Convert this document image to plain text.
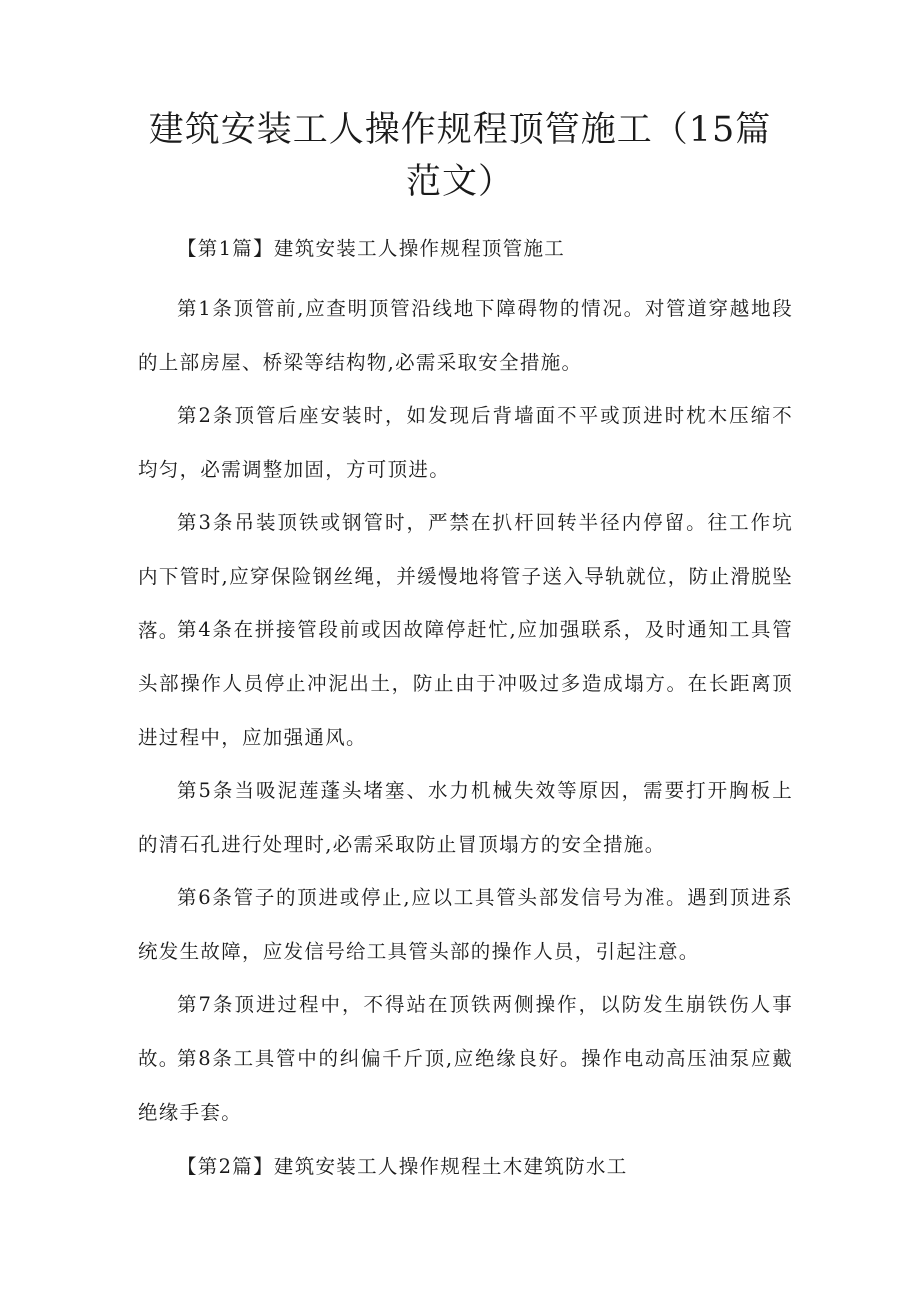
建筑安装工人操作规程顶管施工（15篇范文）

【第1篇】建筑安装工人操作规程顶管施工

第1条顶管前,应查明顶管沿线地下障碍物的情况。对管道穿越地段的上部房屋、桥梁等结构物,必需采取安全措施。

第2条顶管后座安装时，如发现后背墙面不平或顶进时枕木压缩不均匀，必需调整加固，方可顶进。

第3条吊装顶铁或钢管时，严禁在扒杆回转半径内停留。往工作坑内下管时,应穿保险钢丝绳，并缓慢地将管子送入导轨就位，防止滑脱坠落。

第4条在拼接管段前或因故障停赶忙,应加强联系，及时通知工具管头部操作人员停止冲泥出土，防止由于冲吸过多造成塌方。在长距离顶进过程中，应加强通风。

第5条当吸泥莲蓬头堵塞、水力机械失效等原因，需要打开胸板上的清石孔进行处理时,必需采取防止冒顶塌方的安全措施。

第6条管子的顶进或停止,应以工具管头部发信号为准。遇到顶进系统发生故障，应发信号给工具管头部的操作人员，引起注意。

第7条顶进过程中，不得站在顶铁两侧操作，以防发生崩铁伤人事故。

第8条工具管中的纠偏千斤顶,应绝缘良好。操作电动高压油泵应戴绝缘手套。

【第2篇】建筑安装工人操作规程土木建筑防水工
